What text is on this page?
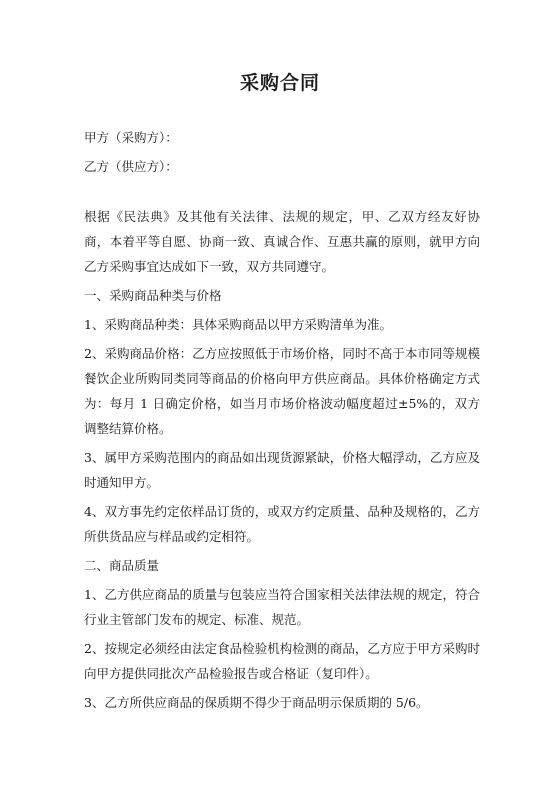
采购合同
甲方（采购方）：
乙方（供应方）：

根据《民法典》及其他有关法律、法规的规定，甲、乙双方经友好协商，本着平等自愿、协商一致、真诚合作、互惠共赢的原则，就甲方向乙方采购事宜达成如下一致，双方共同遵守。

一、采购商品种类与价格

1、采购商品种类：具体采购商品以甲方采购清单为准。

2、采购商品价格：乙方应按照低于市场价格，同时不高于本市同等规模餐饮企业所购同类同等商品的价格向甲方供应商品。具体价格确定方式为：每月 1 日确定价格，如当月市场价格波动幅度超过±5%的，双方调整结算价格。

3、属甲方采购范围内的商品如出现货源紧缺，价格大幅浮动，乙方应及时通知甲方。

4、双方事先约定依样品订货的，或双方约定质量、品种及规格的，乙方所供货品应与样品或约定相符。

二、商品质量

1、乙方供应商品的质量与包装应当符合国家相关法律法规的规定，符合行业主管部门发布的规定、标准、规范。

2、按规定必须经由法定食品检验机构检测的商品，乙方应于甲方采购时向甲方提供同批次产品检验报告或合格证（复印件）。

3、乙方所供应商品的保质期不得少于商品明示保质期的 5/6。
